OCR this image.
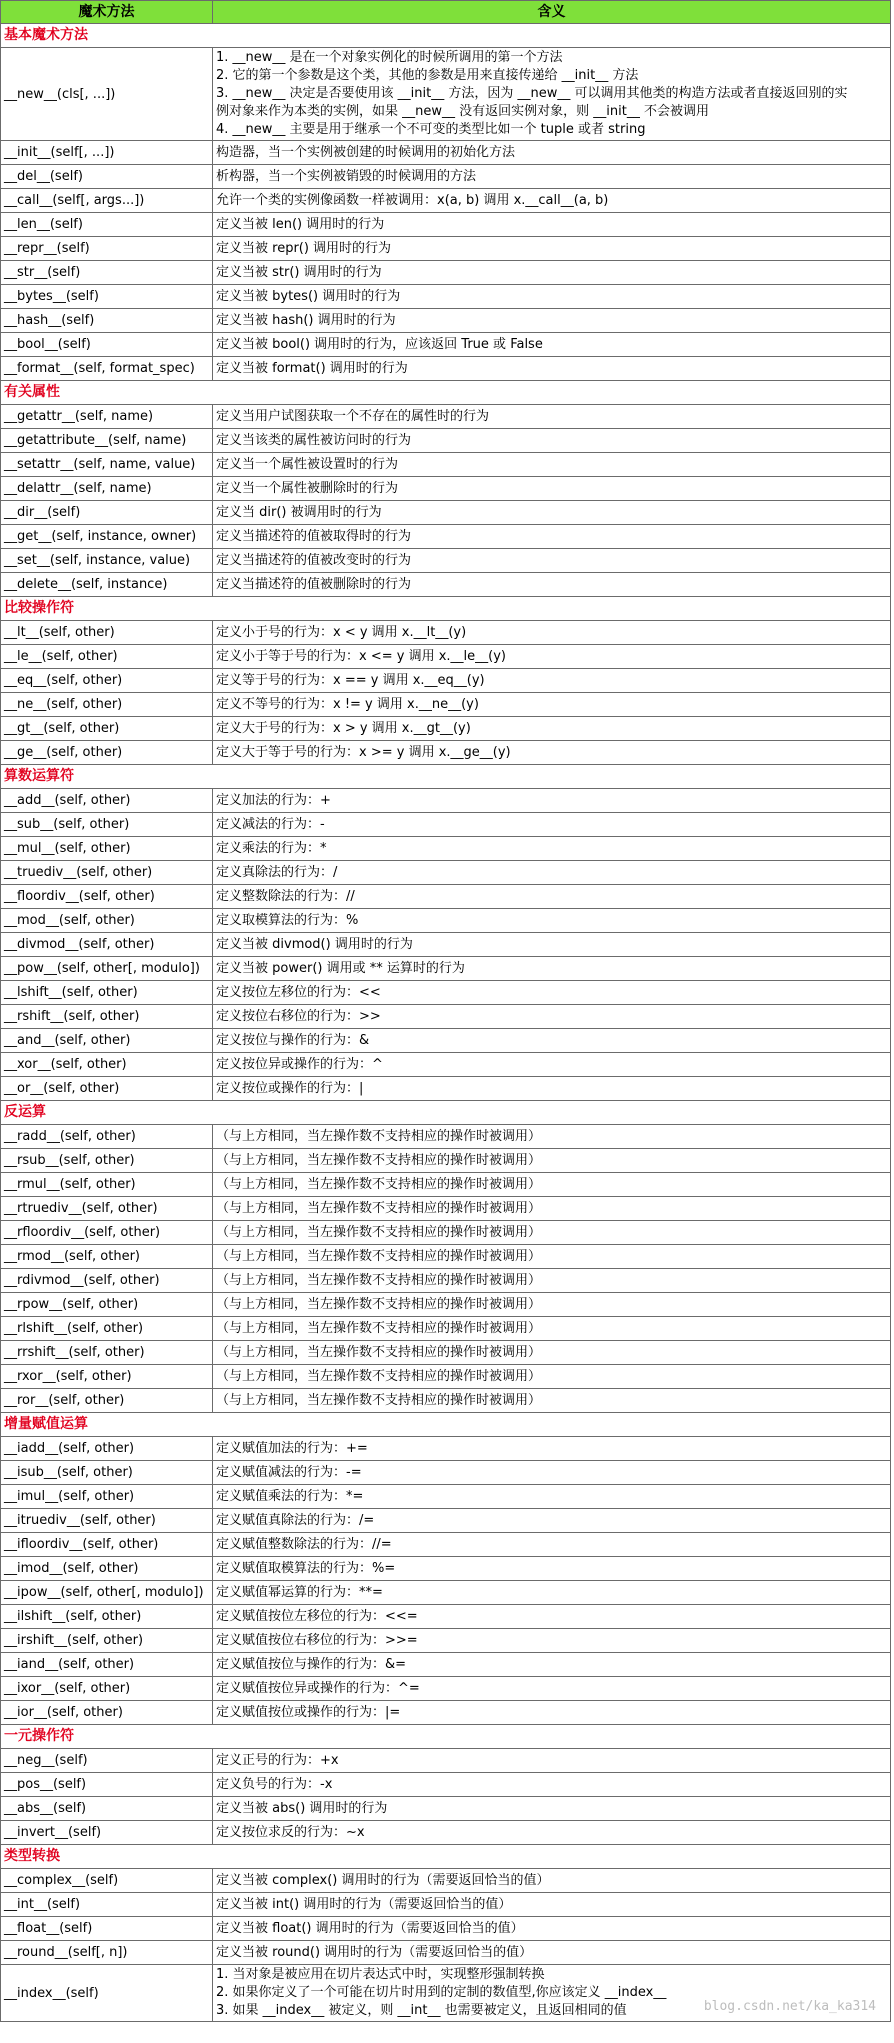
魔术方法	含义
基本魔术方法	
__new__(cls[, ...])	1. __new__ 是在一个对象实例化的时候所调用的第一个方法
2. 它的第一个参数是这个类，其他的参数是用来直接传递给 __init__ 方法
3. __new__ 决定是否要使用该 __init__ 方法，因为 __new__ 可以调用其他类的构造方法或者直接返回别的实
例对象来作为本类的实例，如果 __new__ 没有返回实例对象，则 __init__ 不会被调用
4. __new__ 主要是用于继承一个不可变的类型比如一个 tuple 或者 string

__init__(self[, ...])	构造器，当一个实例被创建的时候调用的初始化方法
__del__(self)	析构器，当一个实例被销毁的时候调用的方法
__call__(self[, args...])	允许一个类的实例像函数一样被调用：x(a, b) 调用 x.__call__(a, b)
__len__(self)	定义当被 len() 调用时的行为
__repr__(self)	定义当被 repr() 调用时的行为
__str__(self)	定义当被 str() 调用时的行为
__bytes__(self)	定义当被 bytes() 调用时的行为
__hash__(self)	定义当被 hash() 调用时的行为
__bool__(self)	定义当被 bool() 调用时的行为，应该返回 True 或 False
__format__(self, format_spec)	定义当被 format() 调用时的行为
有关属性	
__getattr__(self, name)	定义当用户试图获取一个不存在的属性时的行为
__getattribute__(self, name)	定义当该类的属性被访问时的行为
__setattr__(self, name, value)	定义当一个属性被设置时的行为
__delattr__(self, name)	定义当一个属性被删除时的行为
__dir__(self)	定义当 dir() 被调用时的行为
__get__(self, instance, owner)	定义当描述符的值被取得时的行为
__set__(self, instance, value)	定义当描述符的值被改变时的行为
__delete__(self, instance)	定义当描述符的值被删除时的行为
比较操作符	
__lt__(self, other)	定义小于号的行为：x < y 调用 x.__lt__(y)
__le__(self, other)	定义小于等于号的行为：x <= y 调用 x.__le__(y)
__eq__(self, other)	定义等于号的行为：x == y 调用 x.__eq__(y)
__ne__(self, other)	定义不等号的行为：x != y 调用 x.__ne__(y)
__gt__(self, other)	定义大于号的行为：x > y 调用 x.__gt__(y)
__ge__(self, other)	定义大于等于号的行为：x >= y 调用 x.__ge__(y)
算数运算符	
__add__(self, other)	定义加法的行为：+
__sub__(self, other)	定义减法的行为：-
__mul__(self, other)	定义乘法的行为：*
__truediv__(self, other)	定义真除法的行为：/
__floordiv__(self, other)	定义整数除法的行为：//
__mod__(self, other)	定义取模算法的行为：%
__divmod__(self, other)	定义当被 divmod() 调用时的行为
__pow__(self, other[, modulo])	定义当被 power() 调用或 ** 运算时的行为
__lshift__(self, other)	定义按位左移位的行为：<<
__rshift__(self, other)	定义按位右移位的行为：>>
__and__(self, other)	定义按位与操作的行为：&
__xor__(self, other)	定义按位异或操作的行为：^
__or__(self, other)	定义按位或操作的行为：|
反运算	
__radd__(self, other)	（与上方相同，当左操作数不支持相应的操作时被调用）
__rsub__(self, other)	（与上方相同，当左操作数不支持相应的操作时被调用）
__rmul__(self, other)	（与上方相同，当左操作数不支持相应的操作时被调用）
__rtruediv__(self, other)	（与上方相同，当左操作数不支持相应的操作时被调用）
__rfloordiv__(self, other)	（与上方相同，当左操作数不支持相应的操作时被调用）
__rmod__(self, other)	（与上方相同，当左操作数不支持相应的操作时被调用）
__rdivmod__(self, other)	（与上方相同，当左操作数不支持相应的操作时被调用）
__rpow__(self, other)	（与上方相同，当左操作数不支持相应的操作时被调用）
__rlshift__(self, other)	（与上方相同，当左操作数不支持相应的操作时被调用）
__rrshift__(self, other)	（与上方相同，当左操作数不支持相应的操作时被调用）
__rxor__(self, other)	（与上方相同，当左操作数不支持相应的操作时被调用）
__ror__(self, other)	（与上方相同，当左操作数不支持相应的操作时被调用）
增量赋值运算	
__iadd__(self, other)	定义赋值加法的行为：+=
__isub__(self, other)	定义赋值减法的行为：-=
__imul__(self, other)	定义赋值乘法的行为：*=
__itruediv__(self, other)	定义赋值真除法的行为：/=
__ifloordiv__(self, other)	定义赋值整数除法的行为：//=
__imod__(self, other)	定义赋值取模算法的行为：%=
__ipow__(self, other[, modulo])	定义赋值幂运算的行为：**=
__ilshift__(self, other)	定义赋值按位左移位的行为：<<=
__irshift__(self, other)	定义赋值按位右移位的行为：>>=
__iand__(self, other)	定义赋值按位与操作的行为：&=
__ixor__(self, other)	定义赋值按位异或操作的行为：^=
__ior__(self, other)	定义赋值按位或操作的行为：|=
一元操作符	
__neg__(self)	定义正号的行为：+x
__pos__(self)	定义负号的行为：-x
__abs__(self)	定义当被 abs() 调用时的行为
__invert__(self)	定义按位求反的行为：~x
类型转换	
__complex__(self)	定义当被 complex() 调用时的行为（需要返回恰当的值）
__int__(self)	定义当被 int() 调用时的行为（需要返回恰当的值）
__float__(self)	定义当被 float() 调用时的行为（需要返回恰当的值）
__round__(self[, n])	定义当被 round() 调用时的行为（需要返回恰当的值）
__index__(self)	1. 当对象是被应用在切片表达式中时，实现整形强制转换
2. 如果你定义了一个可能在切片时用到的定制的数值型,你应该定义 __index__
3. 如果 __index__ 被定义，则 __int__ 也需要被定义，且返回相同的值	blog.csdn.net/ka_ka314
